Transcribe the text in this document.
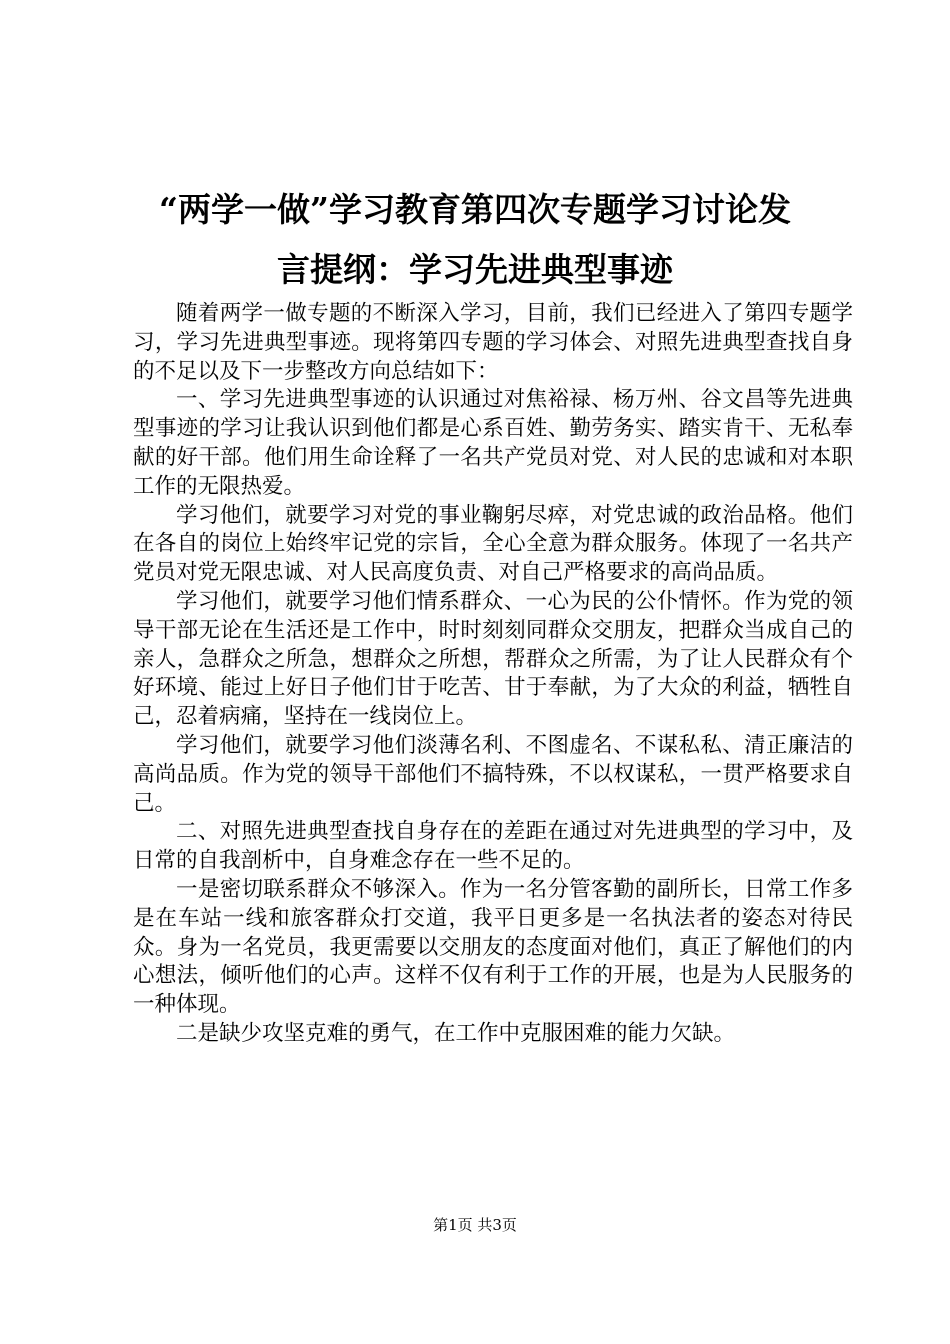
“两学一做”学习教育第四次专题学习讨论发
言提纲：学习先进典型事迹

随着两学一做专题的不断深入学习，目前，我们已经进入了第四专题学习，学习先进典型事迹。现将第四专题的学习体会、对照先进典型查找自身的不足以及下一步整改方向总结如下：

一、学习先进典型事迹的认识通过对焦裕禄、杨万州、谷文昌等先进典型事迹的学习让我认识到他们都是心系百姓、勤劳务实、踏实肯干、无私奉献的好干部。他们用生命诠释了一名共产党员对党、对人民的忠诚和对本职工作的无限热爱。

学习他们，就要学习对党的事业鞠躬尽瘁，对党忠诚的政治品格。他们在各自的岗位上始终牢记党的宗旨，全心全意为群众服务。体现了一名共产党员对党无限忠诚、对人民高度负责、对自己严格要求的高尚品质。

学习他们，就要学习他们情系群众、一心为民的公仆情怀。作为党的领导干部无论在生活还是工作中，时时刻刻同群众交朋友，把群众当成自己的亲人，急群众之所急，想群众之所想，帮群众之所需，为了让人民群众有个好环境、能过上好日子他们甘于吃苦、甘于奉献，为了大众的利益，牺牲自己，忍着病痛，坚持在一线岗位上。

学习他们，就要学习他们淡薄名利、不图虚名、不谋私私、清正廉洁的高尚品质。作为党的领导干部他们不搞特殊，不以权谋私，一贯严格要求自己。

二、对照先进典型查找自身存在的差距在通过对先进典型的学习中，及日常的自我剖析中，自身难念存在一些不足的。

一是密切联系群众不够深入。作为一名分管客勤的副所长，日常工作多是在车站一线和旅客群众打交道，我平日更多是一名执法者的姿态对待民众。身为一名党员，我更需要以交朋友的态度面对他们，真正了解他们的内心想法，倾听他们的心声。这样不仅有利于工作的开展，也是为人民服务的一种体现。

二是缺少攻坚克难的勇气，在工作中克服困难的能力欠缺。

第1页 共3页
